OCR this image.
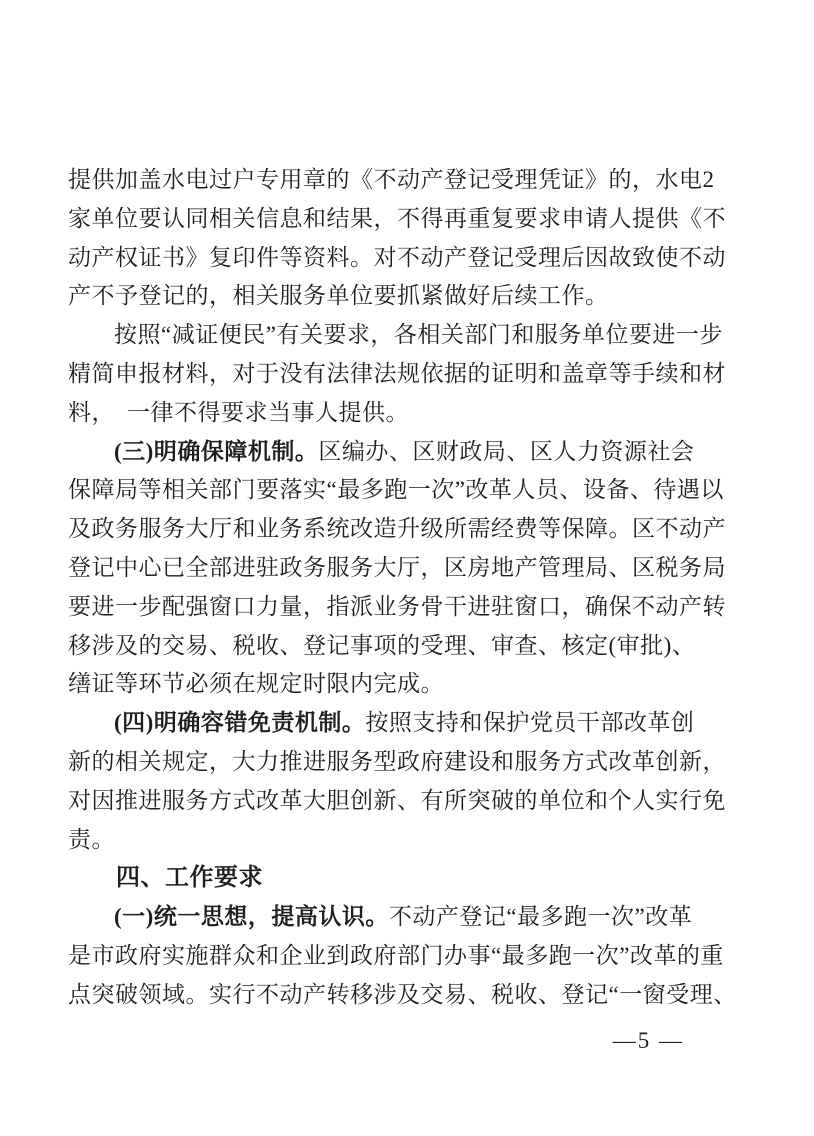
提供加盖水电过户专用章的《不动产登记受理凭证》的，水电2
家单位要认同相关信息和结果，不得再重复要求申请人提供《不
动产权证书》复印件等资料。对不动产登记受理后因故致使不动
产不予登记的，相关服务单位要抓紧做好后续工作。
按照“减证便民”有关要求，各相关部门和服务单位要进一步
精简申报材料，对于没有法律法规依据的证明和盖章等手续和材
料，　一律不得要求当事人提供。
(三)明确保障机制。区编办、区财政局、区人力资源社会
保障局等相关部门要落实“最多跑一次”改革人员、设备、待遇以
及政务服务大厅和业务系统改造升级所需经费等保障。区不动产
登记中心已全部进驻政务服务大厅，区房地产管理局、区税务局
要进一步配强窗口力量，指派业务骨干进驻窗口，确保不动产转
移涉及的交易、税收、登记事项的受理、审查、核定(审批)、
缮证等环节必须在规定时限内完成。
(四)明确容错免责机制。按照支持和保护党员干部改革创
新的相关规定，大力推进服务型政府建设和服务方式改革创新，
对因推进服务方式改革大胆创新、有所突破的单位和个人实行免
责。
四、工作要求
(一)统一思想，提高认识。不动产登记“最多跑一次”改革
是市政府实施群众和企业到政府部门办事“最多跑一次”改革的重
点突破领域。实行不动产转移涉及交易、税收、登记“一窗受理、
—5 —
